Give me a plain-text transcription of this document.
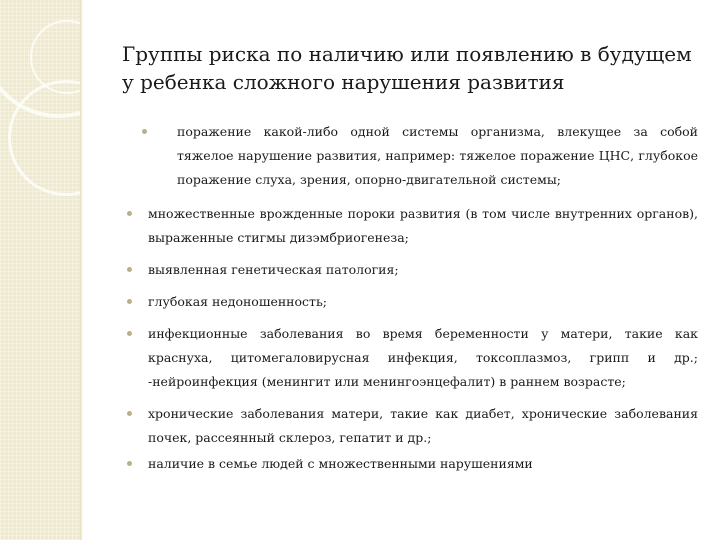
Группы риска по наличию или появлению в будущем у ребенка сложного нарушения развития
поражение какой-либо одной системы организма, влекущее за собой тяжелое нарушение развития, например: тяжелое поражение ЦНС, глубокое поражение слуха, зрения, опорно-двигательной системы;
множественные врожденные пороки развития (в том числе внутренних органов), выраженные стигмы дизэмбриогенеза;
выявленная генетическая патология;
глубокая недоношенность;
инфекционные заболевания во время беременности у матери, такие как краснуха, цитомегаловирусная инфекция, токсоплазмоз, грипп и др.; -нейроинфекция (менингит или менингоэнцефалит) в раннем возрасте;
хронические заболевания матери, такие как диабет, хронические заболевания почек, рассеянный склероз, гепатит и др.;
наличие в семье людей с множественными нарушениями
